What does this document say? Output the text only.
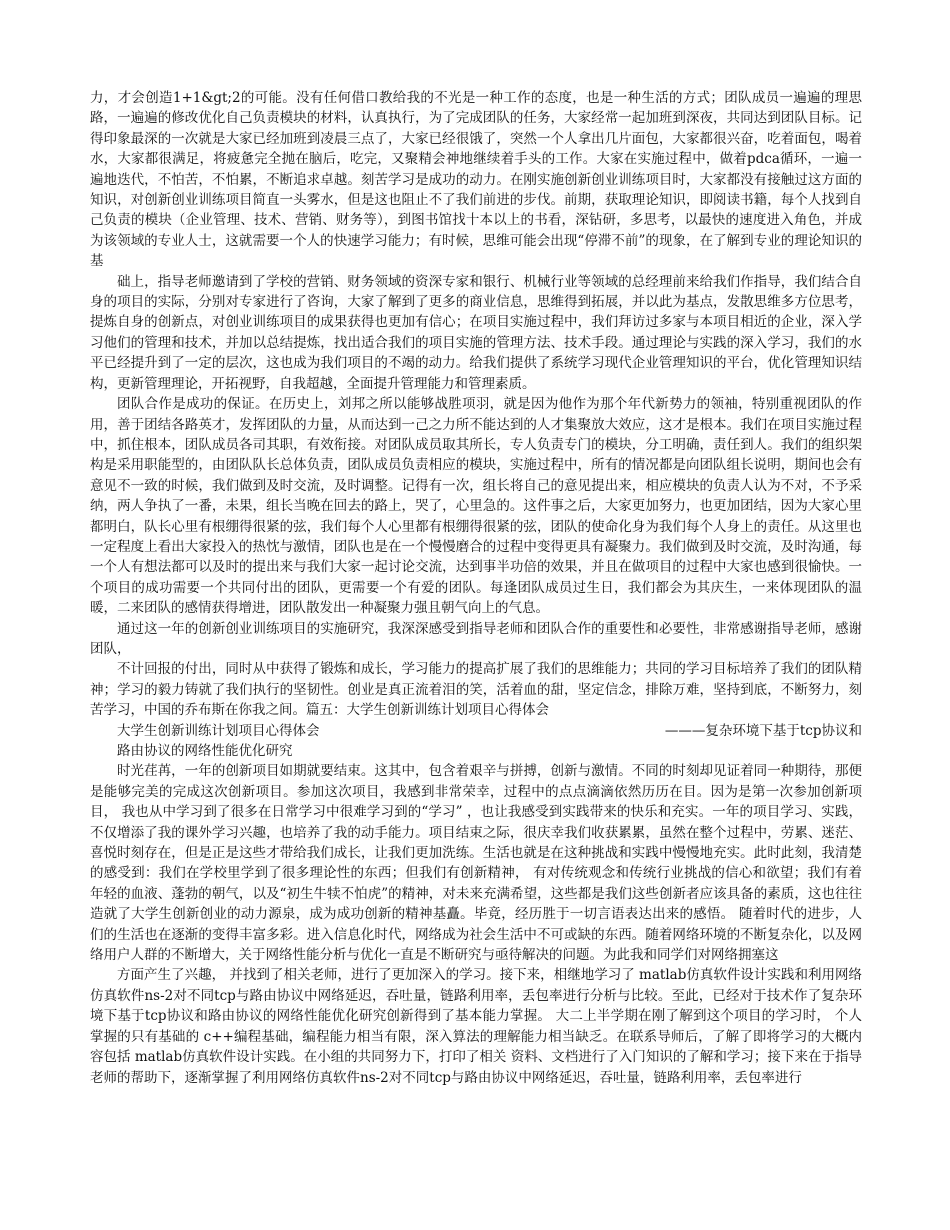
力，才会创造1+1&gt;2的可能。没有任何借口教给我的不光是一种工作的态度，也是一种生活的方式；团队成员一遍遍的理思路，一遍遍的修改优化自己负责模块的材料，认真执行，为了完成团队的任务，大家经常一起加班到深夜，共同达到团队目标。记得印象最深的一次就是大家已经加班到凌晨三点了，大家已经很饿了，突然一个人拿出几片面包，大家都很兴奋，吃着面包，喝着水，大家都很满足，将疲惫完全抛在脑后，吃完，又聚精会神地继续着手头的工作。大家在实施过程中，做着pdca循环，一遍一遍地迭代，不怕苦，不怕累，不断追求卓越。刻苦学习是成功的动力。在刚实施创新创业训练项目时，大家都没有接触过这方面的知识，对创新创业训练项目简直一头雾水，但是这也阻止不了我们前进的步伐。前期，获取理论知识，即阅读书籍，每个人找到自己负责的模块（企业管理、技术、营销、财务等），到图书馆找十本以上的书看，深钻研，多思考，以最快的速度进入角色，并成为该领域的专业人士，这就需要一个人的快速学习能力；有时候，思维可能会出现“停滞不前”的现象，在了解到专业的理论知识的基

础上，指导老师邀请到了学校的营销、财务领域的资深专家和银行、机械行业等领域的总经理前来给我们作指导，我们结合自身的项目的实际，分别对专家进行了咨询，大家了解到了更多的商业信息，思维得到拓展，并以此为基点，发散思维多方位思考，提炼自身的创新点，对创业训练项目的成果获得也更加有信心；在项目实施过程中，我们拜访过多家与本项目相近的企业，深入学习他们的管理和技术，并加以总结提炼，找出适合我们的项目实施的管理方法、技术手段。通过理论与实践的深入学习，我们的水平已经提升到了一定的层次，这也成为我们项目的不竭的动力。给我们提供了系统学习现代企业管理知识的平台，优化管理知识结构，更新管理理论，开拓视野，自我超越，全面提升管理能力和管理素质。

团队合作是成功的保证。在历史上，刘邦之所以能够战胜项羽，就是因为他作为那个年代新势力的领袖，特别重视团队的作用，善于团结各路英才，发挥团队的力量，从而达到一己之力所不能达到的人才集聚放大效应，这才是根本。我们在项目实施过程中，抓住根本，团队成员各司其职，有效衔接。对团队成员取其所长，专人负责专门的模块，分工明确，责任到人。我们的组织架构是采用职能型的，由团队队长总体负责，团队成员负责相应的模块，实施过程中，所有的情况都是向团队组长说明，期间也会有意见不一致的时候，我们做到及时交流，及时调整。记得有一次，组长将自己的意见提出来，相应模块的负责人认为不对，不予采纳，两人争执了一番，未果，组长当晚在回去的路上，哭了，心里急的。这件事之后，大家更加努力，也更加团结，因为大家心里都明白，队长心里有根绷得很紧的弦，我们每个人心里都有根绷得很紧的弦，团队的使命化身为我们每个人身上的责任。从这里也一定程度上看出大家投入的热忱与激情，团队也是在一个慢慢磨合的过程中变得更具有凝聚力。我们做到及时交流，及时沟通，每一个人有想法都可以及时的提出来与我们大家一起讨论交流，达到事半功倍的效果，并且在做项目的过程中大家也感到很愉快。一个项目的成功需要一个共同付出的团队，更需要一个有爱的团队。每逢团队成员过生日，我们都会为其庆生，一来体现团队的温暖，二来团队的感情获得增进，团队散发出一种凝聚力强且朝气向上的气息。

通过这一年的创新创业训练项目的实施研究，我深深感受到指导老师和团队合作的重要性和必要性，非常感谢指导老师，感谢团队，

不计回报的付出，同时从中获得了锻炼和成长，学习能力的提高扩展了我们的思维能力；共同的学习目标培养了我们的团队精神；学习的毅力铸就了我们执行的坚韧性。创业是真正流着泪的笑，活着血的甜，坚定信念，排除万难，坚持到底，不断努力，刻苦学习，中国的乔布斯在你我之间。篇五：大学生创新训练计划项目心得体会

大学生创新训练计划项目心得体会	———复杂环境下基于tcp协议和

路由协议的网络性能优化研究

时光荏苒，一年的创新项目如期就要结束。这其中，包含着艰辛与拼搏，创新与激情。不同的时刻却见证着同一种期待，那便是能够完美的完成这次创新项目。参加这次项目，我感到非常荣幸，过程中的点点滴滴依然历历在目。因为是第一次参加创新项目， 我也从中学习到了很多在日常学习中很难学习到的“学习” ，也让我感受到实践带来的快乐和充实。一年的项目学习、实践，不仅增添了我的课外学习兴趣，也培养了我的动手能力。项目结束之际，很庆幸我们收获累累，虽然在整个过程中，劳累、迷茫、喜悦时刻存在，但是正是这些才带给我们成长，让我们更加洗练。生活也就是在这种挑战和实践中慢慢地充实。此时此刻，我清楚的感受到：我们在学校里学到了很多理论性的东西；但我们有创新精神， 有对传统观念和传统行业挑战的信心和欲望；我们有着年轻的血液、蓬勃的朝气，以及“初生牛犊不怕虎”的精神，对未来充满希望，这些都是我们这些创新者应该具备的素质，这也往往造就了大学生创新创业的动力源泉，成为成功创新的精神基矗。毕竟，经历胜于一切言语表达出来的感悟。 随着时代的进步，人们的生活也在逐渐的变得丰富多彩。进入信息化时代，网络成为社会生活中不可或缺的东西。随着网络环境的不断复杂化，以及网络用户人群的不断增大，关于网络性能分析与优化一直是不断研究与亟待解决的问题。为此我和同学们对网络拥塞这

方面产生了兴趣， 并找到了相关老师，进行了更加深入的学习。接下来，相继地学习了 matlab仿真软件设计实践和利用网络仿真软件ns-2对不同tcp与路由协议中网络延迟，吞吐量，链路利用率，丢包率进行分析与比较。至此，已经对于技术作了复杂环境下基于tcp协议和路由协议的网络性能优化研究创新得到了基本能力掌握。 大二上半学期在刚了解到这个项目的学习时， 个人掌握的只有基础的 c++编程基础，编程能力相当有限，深入算法的理解能力相当缺乏。在联系导师后，了解了即将学习的大概内容包括 matlab仿真软件设计实践。在小组的共同努力下，打印了相关 资料、文档进行了入门知识的了解和学习；接下来在于指导老师的帮助下，逐渐掌握了利用网络仿真软件ns-2对不同tcp与路由协议中网络延迟，吞吐量，链路利用率，丢包率进行
